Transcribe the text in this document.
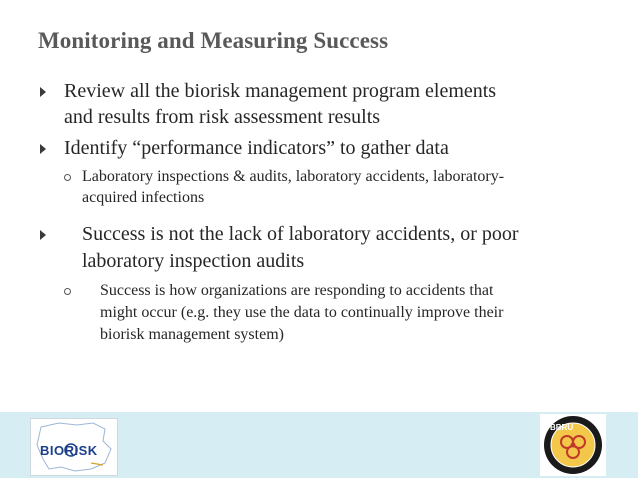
Monitoring and Measuring Success
Review all the biorisk management program elements
and results from risk assessment results
Identify “performance indicators” to gather data
Laboratory inspections & audits, laboratory accidents, laboratory-
acquired infections
Success is not the lack of laboratory accidents, or poor
laboratory inspection audits
Success is how organizations are responding to accidents that
might occur (e.g. they use the data to continually improve their
biorisk management system)
BIORISK
BBRU
